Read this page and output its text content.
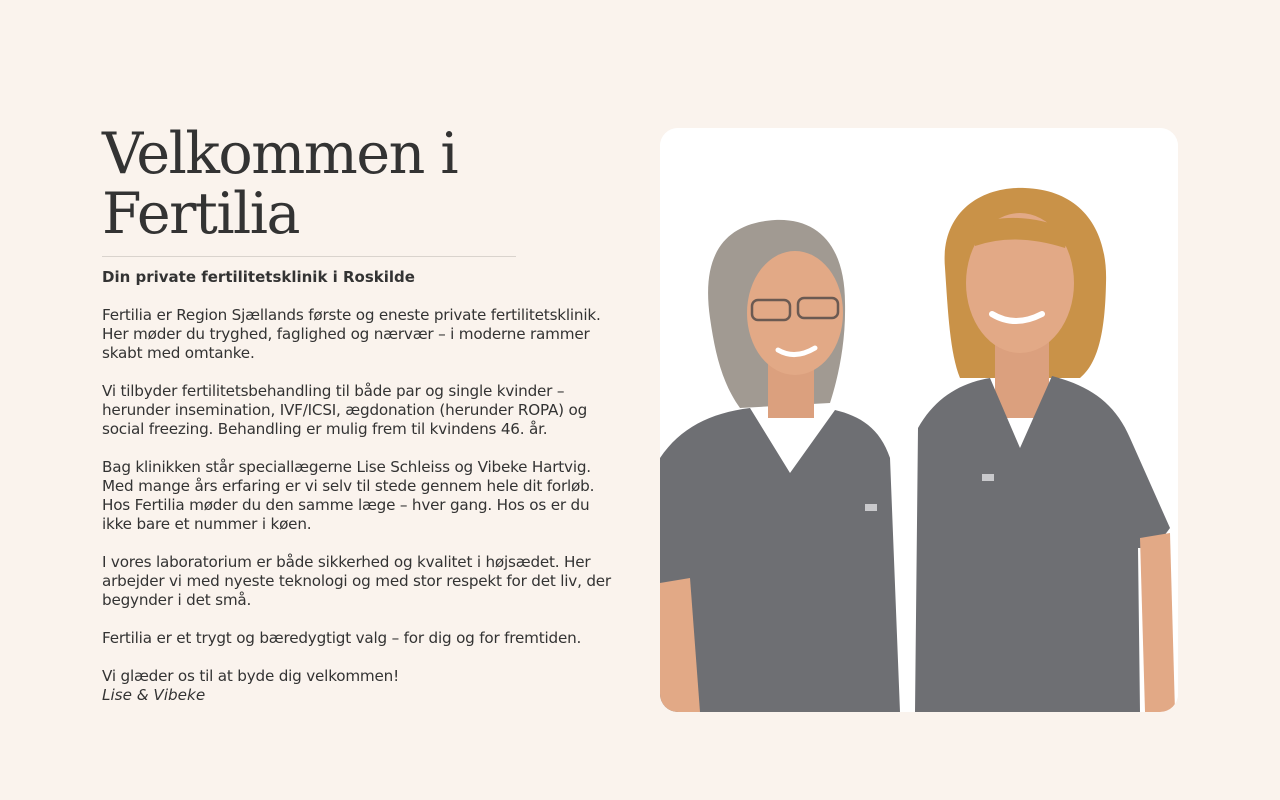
Velkommen i
Fertilia

Din private fertilitetsklinik i Roskilde

Fertilia er Region Sjællands første og eneste private fertilitetsklinik. Her møder du tryghed, faglighed og nærvær – i moderne rammer skabt med omtanke.

Vi tilbyder fertilitetsbehandling til både par og single kvinder – herunder insemination, IVF/ICSI, ægdonation (herunder ROPA) og social freezing. Behandling er mulig frem til kvindens 46. år.

Bag klinikken står speciallægerne Lise Schleiss og Vibeke Hartvig. Med mange års erfaring er vi selv til stede gennem hele dit forløb. Hos Fertilia møder du den samme læge – hver gang. Hos os er du ikke bare et nummer i køen.

I vores laboratorium er både sikkerhed og kvalitet i højsædet. Her arbejder vi med nyeste teknologi og med stor respekt for det liv, der begynder i det små.

Fertilia er et trygt og bæredygtigt valg – for dig og for fremtiden.

Vi glæder os til at byde dig velkommen!

Lise & Vibeke
